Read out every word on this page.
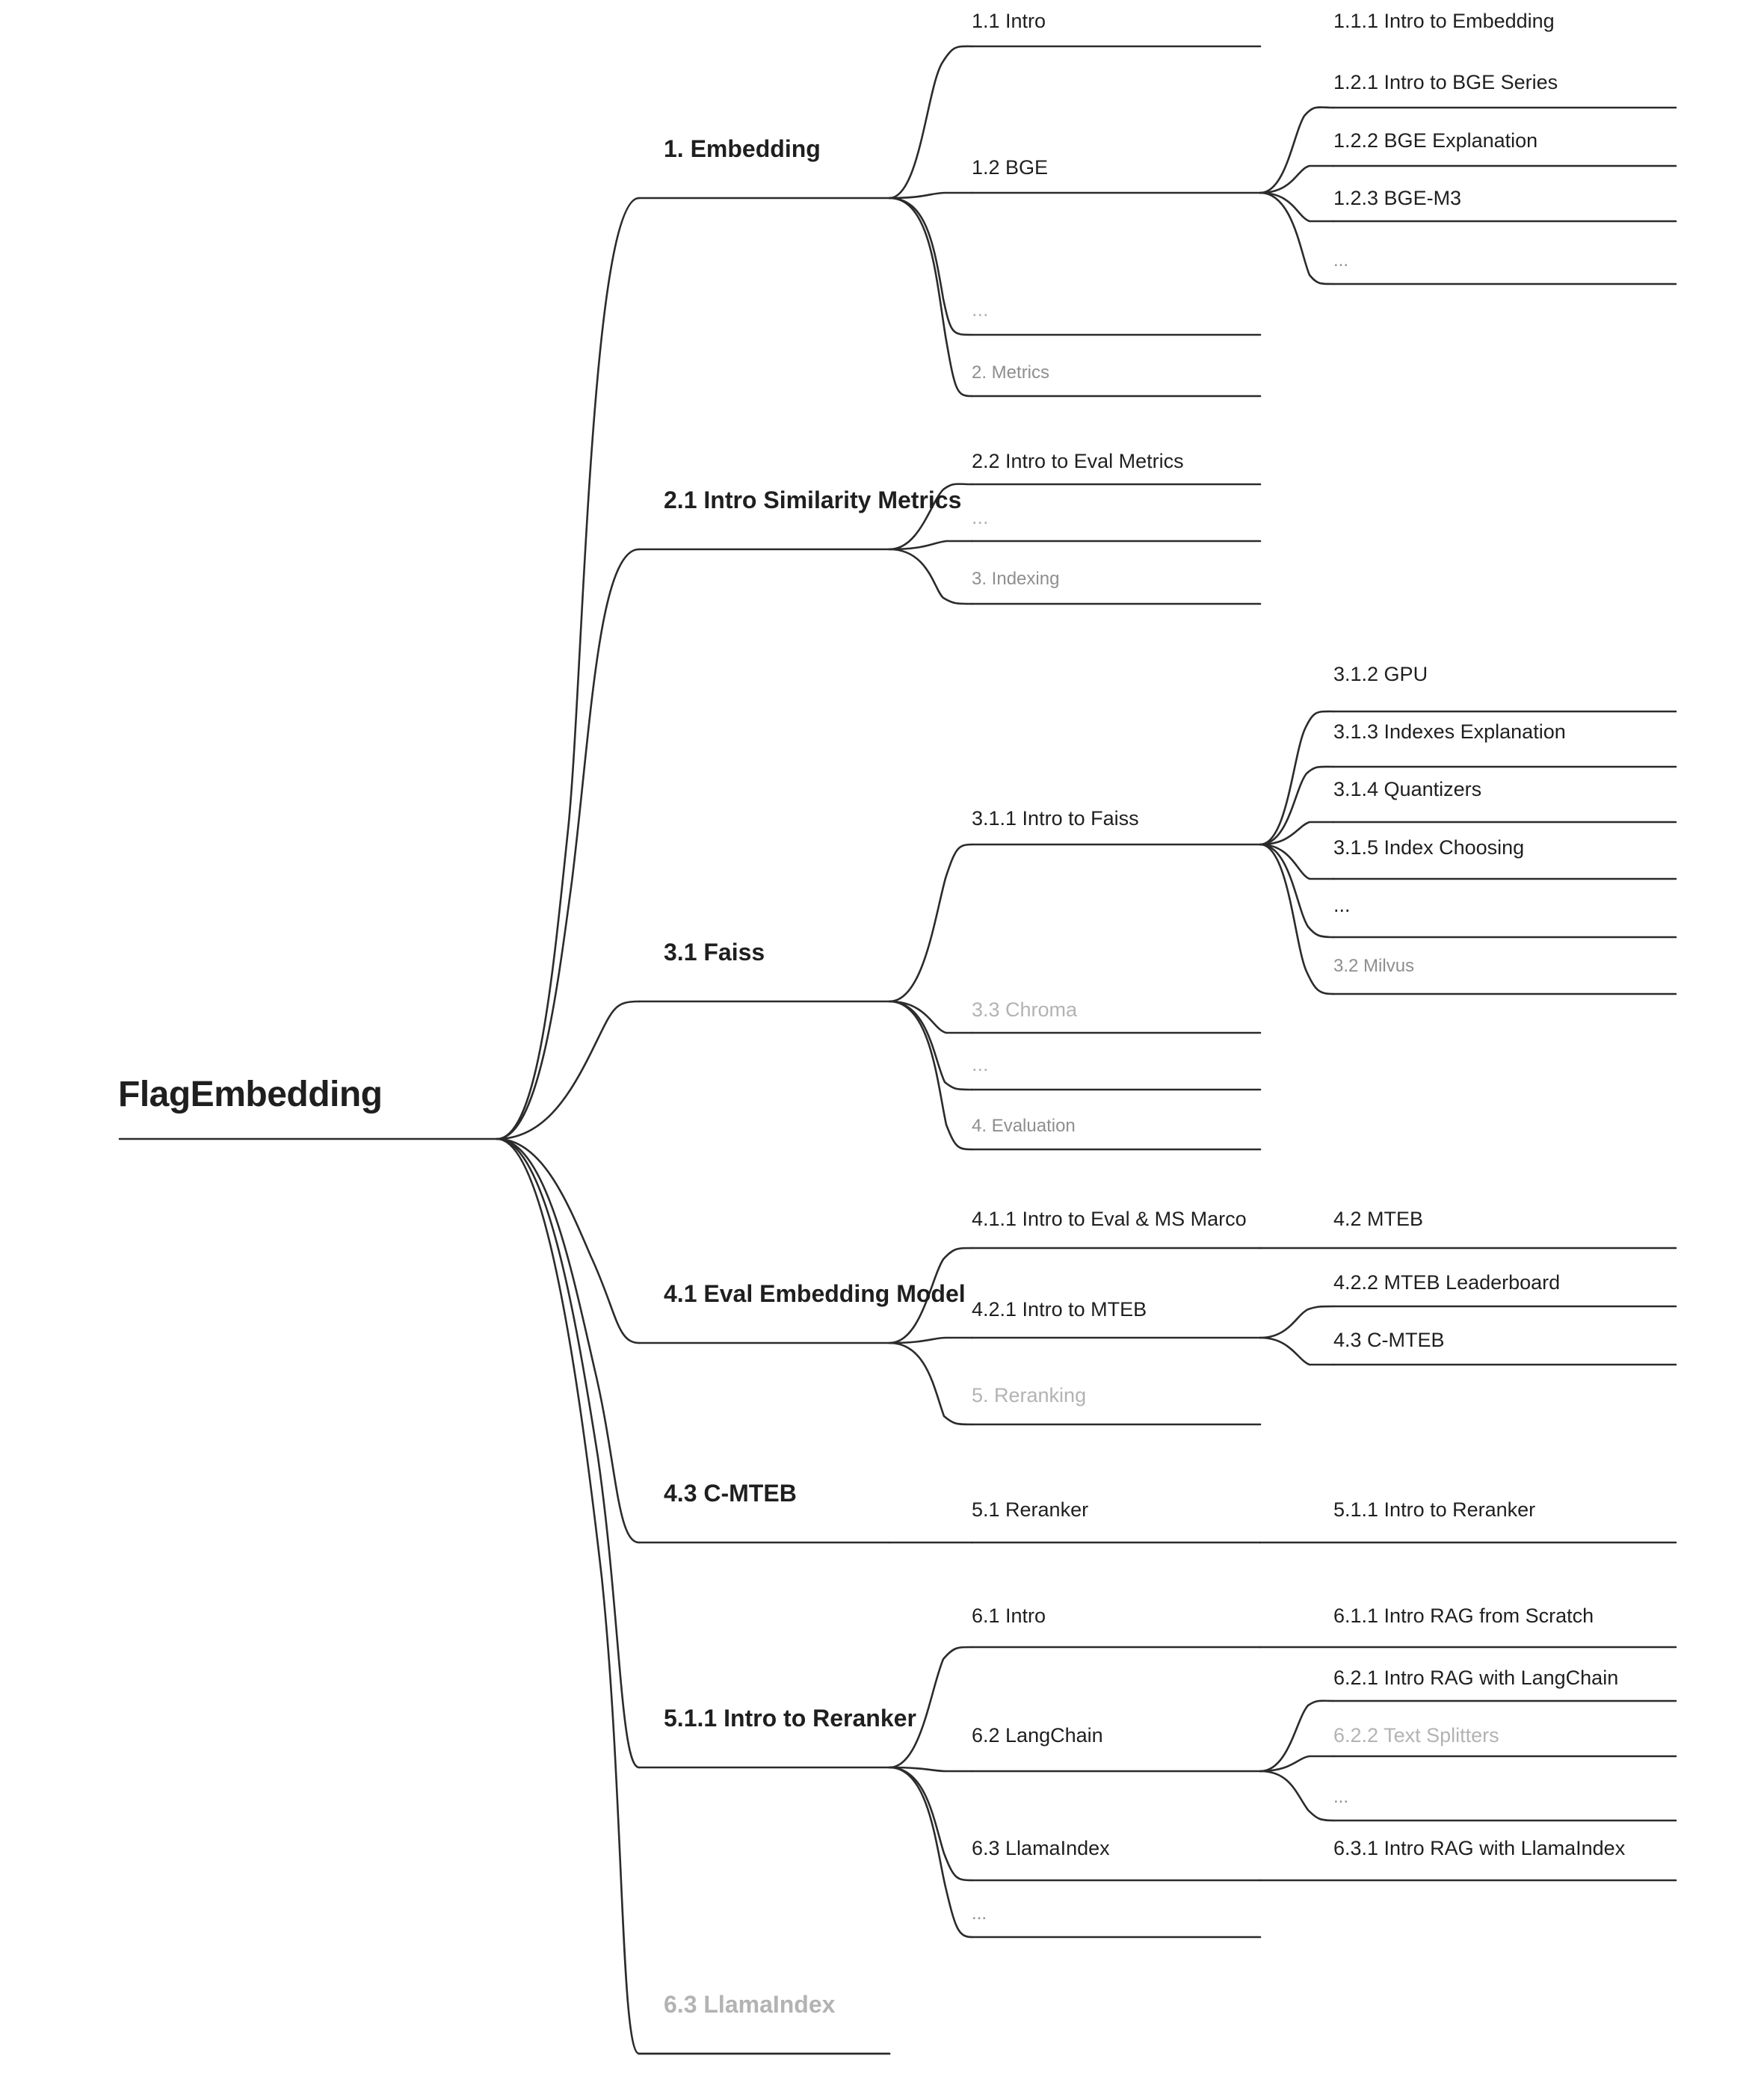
FlagEmbedding
1. Embedding
2.1 Intro Similarity Metrics
3.1 Faiss
4.1 Eval Embedding Model
4.3 C-MTEB
5.1.1 Intro to Reranker
6.3 LlamaIndex
1.1 Intro
1.2 BGE
...
2. Metrics
1.1.1 Intro to Embedding
1.2.1 Intro to BGE Series
1.2.2 BGE Explanation
1.2.3 BGE-M3
...
2.2 Intro to Eval Metrics
...
3. Indexing
3.1.1 Intro to Faiss
3.3 Chroma
...
4. Evaluation
3.1.2 GPU
3.1.3 Indexes Explanation
3.1.4 Quantizers
3.1.5 Index Choosing
...
3.2 Milvus
4.1.1 Intro to Eval & MS Marco
4.2.1 Intro to MTEB
5. Reranking
4.2 MTEB
4.2.2 MTEB Leaderboard
4.3 C-MTEB
5.1 Reranker	5.1.1 Intro to Reranker
6.1 Intro
6.2 LangChain
6.3 LlamaIndex
...
6.1.1 Intro RAG from Scratch
6.2.1 Intro RAG with LangChain
6.2.2 Text Splitters
...
6.3.1 Intro RAG with LlamaIndex
